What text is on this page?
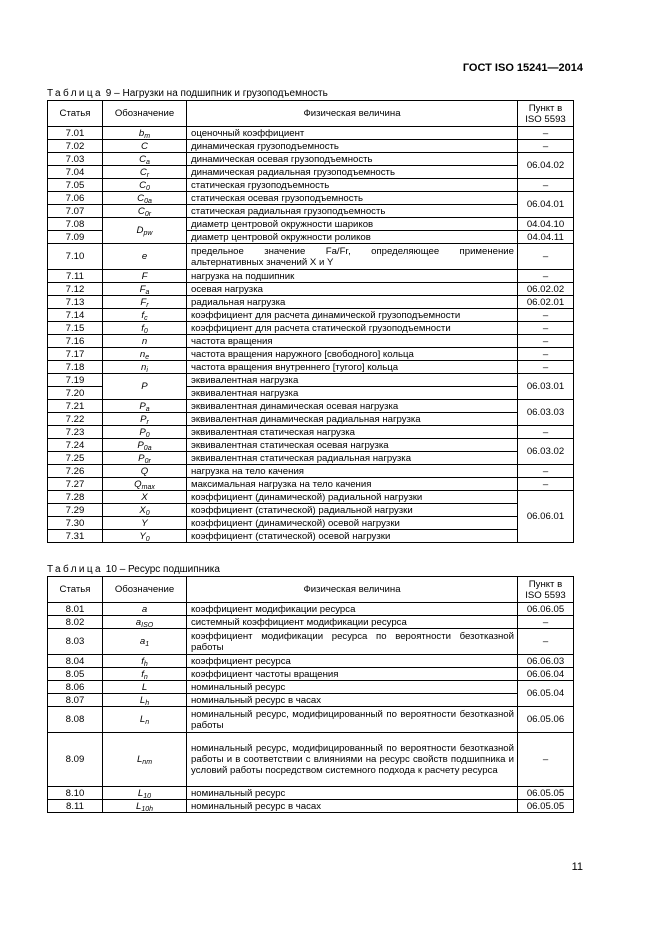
ГОСТ ISO 15241—2014
Таблица 9 – Нагрузки на подшипник и грузоподъемность
Статья	Обозначение	Физическая величина	Пункт в ISO 5593
7.01	$b_m$	оценочный коэффициент	–
7.02	C	динамическая грузоподъемность	–
7.03	$C_a$	динамическая осевая грузоподъемность	06.04.02
7.04	$C_r$	динамическая радиальная грузоподъемность	
7.05	$C_0$	статическая грузоподъемность	–
7.06	$C_{0a}$	статическая осевая грузоподъемность	06.04.01
7.07	$C_{0r}$	статическая радиальная грузоподъемность	
7.08	$D_{pw}$	диаметр центровой окружности шариков	04.04.10
7.09		диаметр центровой окружности роликов	04.04.11
7.10	e	предельное значение Fa/Fr, определяющее применение альтернативных значений X и Y	–
7.11	F	нагрузка на подшипник	–
7.12	$F_a$	осевая нагрузка	06.02.02
7.13	$F_r$	радиальная нагрузка	06.02.01
7.14	$f_c$	коэффициент для расчета динамической грузоподъемности	–
7.15	$f_0$	коэффициент для расчета статической грузоподъемности	–
7.16	n	частота вращения	–
7.17	$n_e$	частота вращения наружного [свободного] кольца	–
7.18	$n_i$	частота вращения внутреннего [тугого] кольца	–
7.19	P	эквивалентная нагрузка	06.03.01
7.20		эквивалентная нагрузка	
7.21	$P_a$	эквивалентная динамическая осевая нагрузка	06.03.03
7.22	$P_r$	эквивалентная динамическая радиальная нагрузка	
7.23	$P_0$	эквивалентная статическая нагрузка	–
7.24	$P_{0a}$	эквивалентная статическая осевая нагрузка	06.03.02
7.25	$P_{0r}$	эквивалентная статическая радиальная нагрузка	
7.26	Q	нагрузка на тело качения	–
7.27	$Q_{max}$	максимальная нагрузка на тело качения	–
7.28	X	коэффициент (динамической) радиальной нагрузки	06.06.01
7.29	$X_0$	коэффициент (статической) радиальной нагрузки	
7.30	Y	коэффициент (динамической) осевой нагрузки	
7.31	$Y_0$	коэффициент (статической) осевой нагрузки	
Таблица 10 – Ресурс подшипника
Статья	Обозначение	Физическая величина	Пункт в ISO 5593
8.01	a	коэффициент модификации ресурса	06.06.05
8.02	$a_{ISO}$	системный коэффициент модификации ресурса	–
8.03	$a_1$	коэффициент модификации ресурса по вероятности безотказной работы	–
8.04	$f_h$	коэффициент ресурса	06.06.03
8.05	$f_n$	коэффициент частоты вращения	06.06.04
8.06	L	номинальный ресурс	06.05.04
8.07	$L_h$	номинальный ресурс в часах	
8.08	$L_n$	номинальный ресурс, модифицированный по вероятности безотказной работы	06.05.06
8.09	$L_{nm}$	номинальный ресурс, модифицированный по вероятности безотказной работы и в соответствии с влияниями на ресурс свойств подшипника и условий работы посредством системного подхода к расчету ресурса	–
8.10	$L_{10}$	номинальный ресурс	06.05.05
8.11	$L_{10h}$	номинальный ресурс в часах	06.05.05
11
